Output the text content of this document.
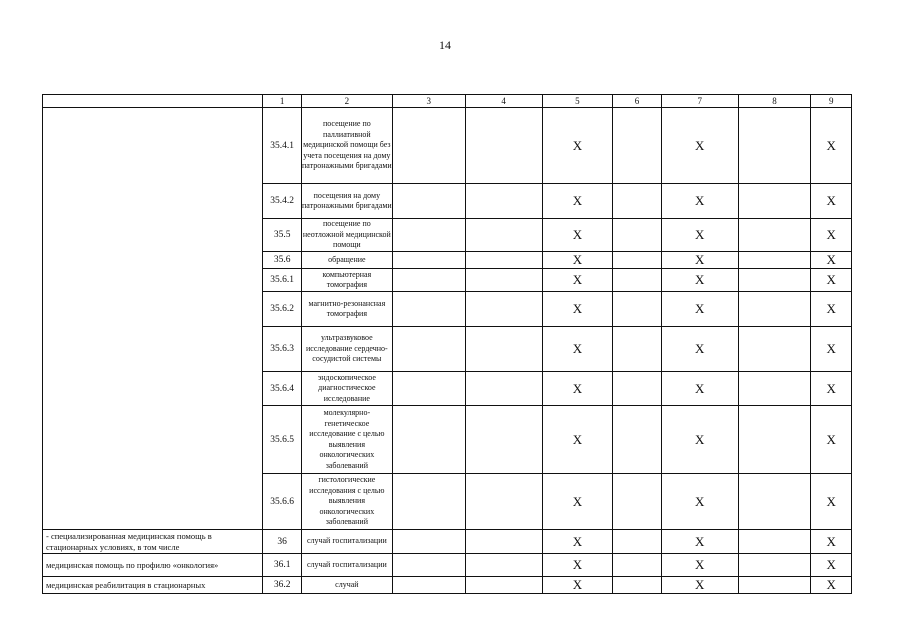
14
	1	2	3	4	5	6	7	8	9
	35.4.1	посещение по паллиативной медицинской помощи без учета посещения на дому патронажными бригадами			X		X		X
	35.4.2	посещения на дому патронажными бригадами			X		X		X
	35.5	посещение по неотложной медицинской помощи			X		X		X
	35.6	обращение			X		X		X
	35.6.1	компьютерная томография			X		X		X
	35.6.2	магнитно-резонансная томография			X		X		X
	35.6.3	ультразвуковое исследование сердечно-сосудистой системы			X		X		X
	35.6.4	эндоскопическое диагностическое исследование			X		X		X
	35.6.5	молекулярно-генетическое исследование с целью выявления онкологических заболеваний			X		X		X
	35.6.6	гистологические исследования с целью выявления онкологических заболеваний			X		X		X
- специализированная медицинская помощь в стационарных условиях, в том числе	36	случай госпитализации			X		X		X
медицинская помощь по профилю «онкология»	36.1	случай госпитализации			X		X		X
медицинская реабилитация в стационарных	36.2	случай			X		X		X
